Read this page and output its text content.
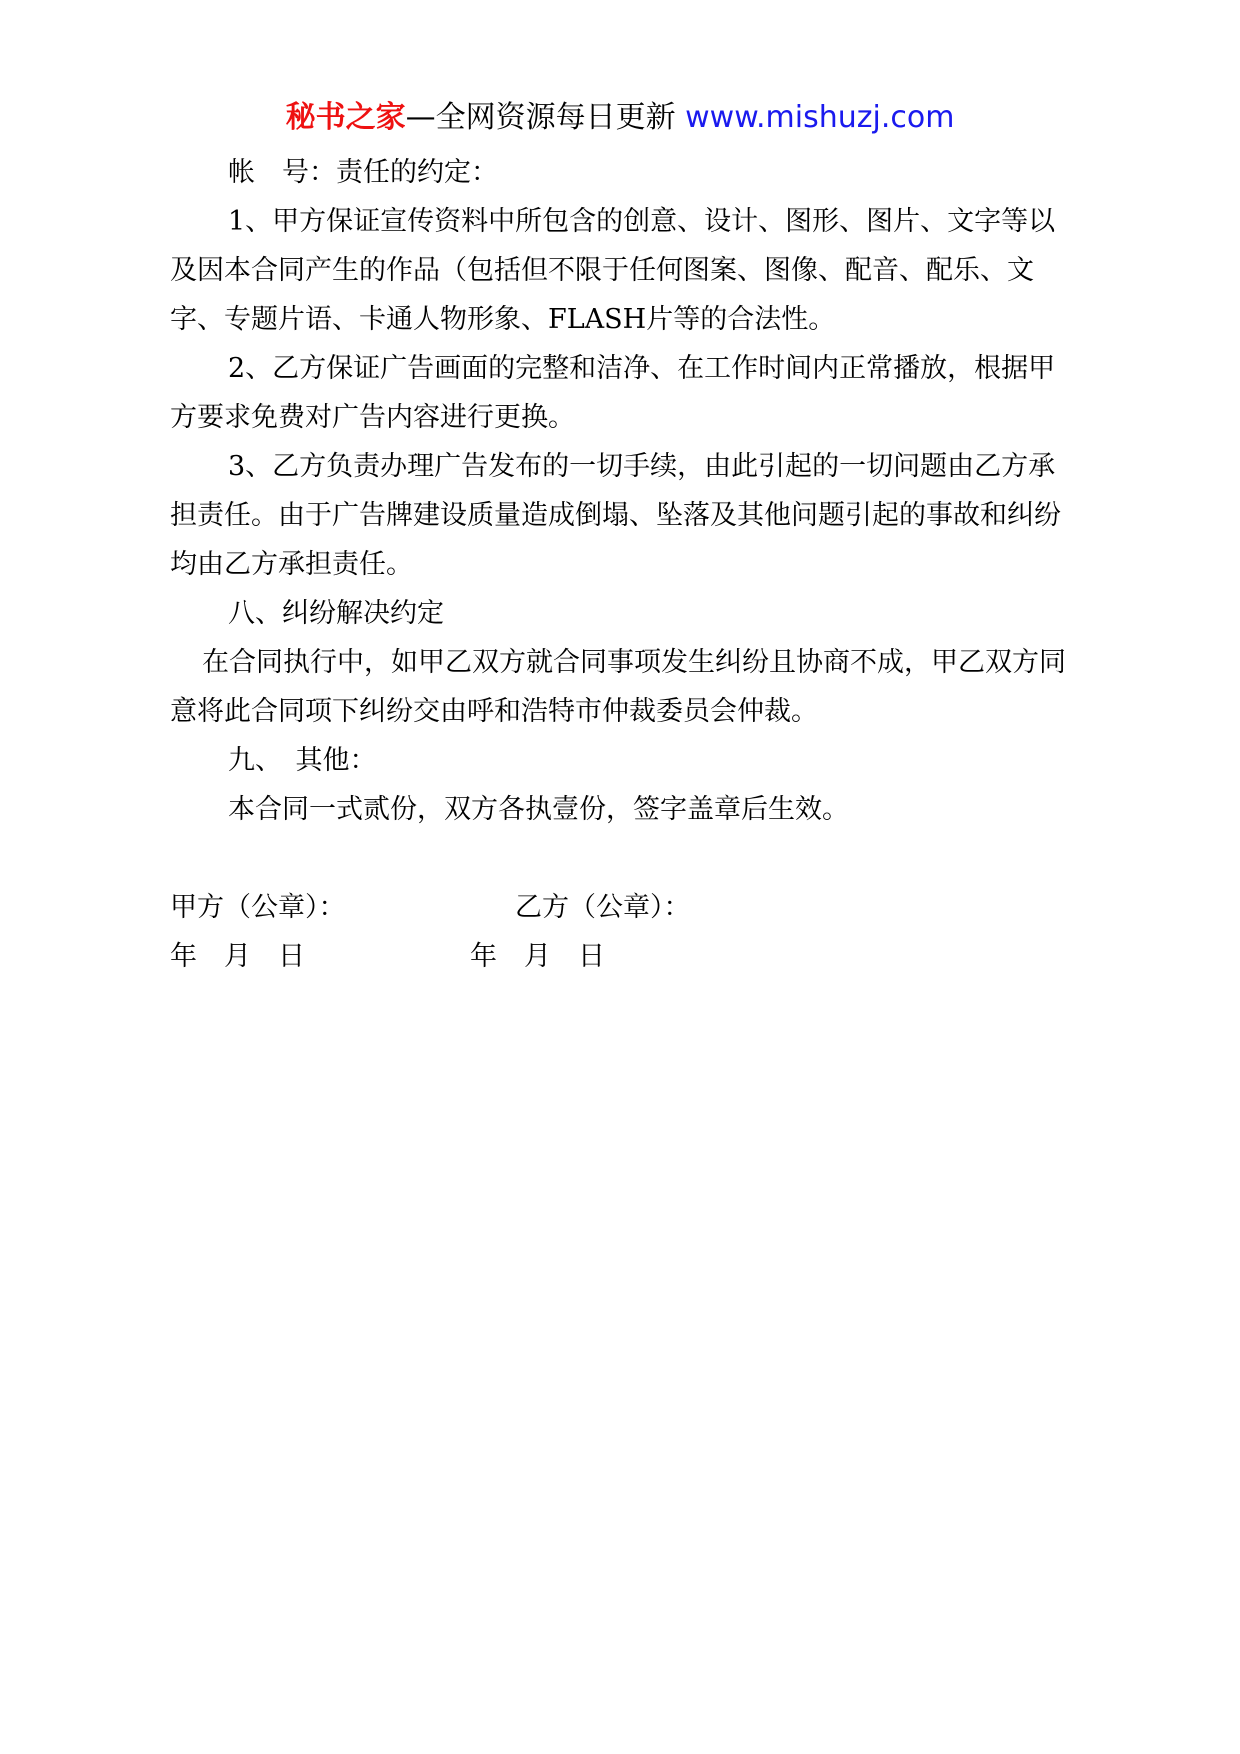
秘书之家—全网资源每日更新 www.mishuzj.com

帐　号：责任的约定：

1、甲方保证宣传资料中所包含的创意、设计、图形、图片、文字等以及因本合同产生的作品（包括但不限于任何图案、图像、配音、配乐、文字、专题片语、卡通人物形象、FLASH片等的合法性。

2、乙方保证广告画面的完整和洁净、在工作时间内正常播放，根据甲方要求免费对广告内容进行更换。

3、乙方负责办理广告发布的一切手续，由此引起的一切问题由乙方承担责任。由于广告牌建设质量造成倒塌、坠落及其他问题引起的事故和纠纷均由乙方承担责任。

八、纠纷解决约定

在合同执行中，如甲乙双方就合同事项发生纠纷且协商不成，甲乙双方同意将此合同项下纠纷交由呼和浩特市仲裁委员会仲裁。

九、　其他：

本合同一式贰份，双方各执壹份，签字盖章后生效。

甲方（公章）：	乙方（公章）：
年　月　日	年　月　日
